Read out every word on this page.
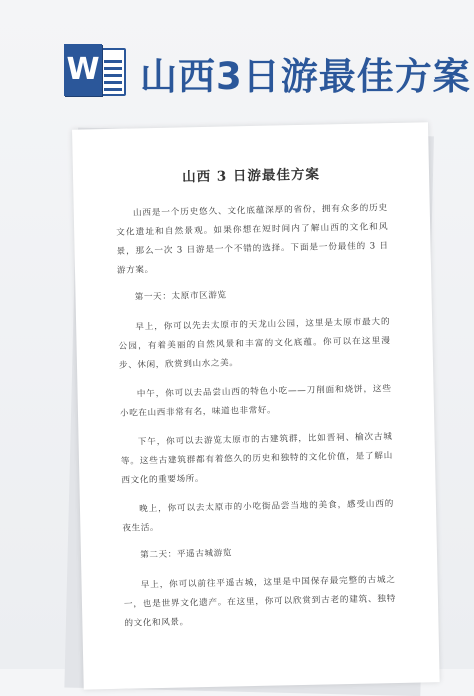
W 山西3日游最佳方案
山西 3 日游最佳方案

山西是一个历史悠久、文化底蕴深厚的省份，拥有众多的历史文化遗址和自然景观。如果你想在短时间内了解山西的文化和风景，那么一次 3 日游是一个不错的选择。下面是一份最佳的 3 日游方案。

第一天：太原市区游览

早上，你可以先去太原市的天龙山公园，这里是太原市最大的公园，有着美丽的自然风景和丰富的文化底蕴。你可以在这里漫步、休闲，欣赏到山水之美。

中午，你可以去品尝山西的特色小吃——刀削面和烧饼，这些小吃在山西非常有名，味道也非常好。

下午，你可以去游览太原市的古建筑群，比如晋祠、榆次古城等。这些古建筑群都有着悠久的历史和独特的文化价值，是了解山西文化的重要场所。

晚上，你可以去太原市的小吃街品尝当地的美食，感受山西的夜生活。

第二天：平遥古城游览

早上，你可以前往平遥古城，这里是中国保存最完整的古城之一，也是世界文化遗产。在这里，你可以欣赏到古老的建筑、独特的文化和风景。
